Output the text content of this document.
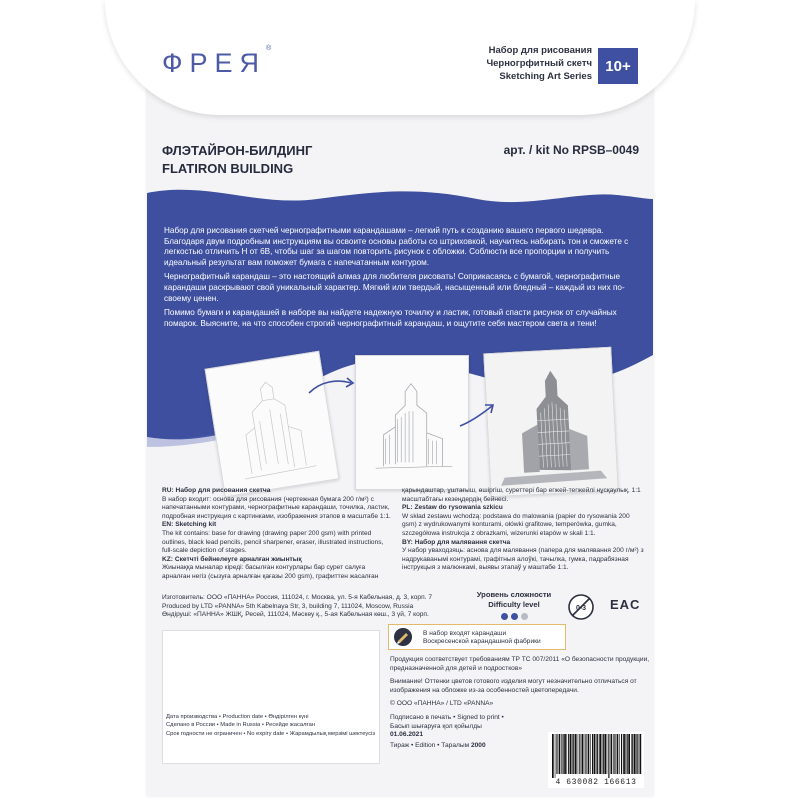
ФРЕЯ®	Набор для рисования
Черногрфитный скетч
Sketching Art Series
10+
ФЛЭТАЙРОН-БИЛДИНГ
FLATIRON BUILDING
арт. / kit No RPSB–0049

Набор для рисования скетчей чернографитными карандашами – легкий путь к созданию вашего первого шедевра. Благодаря двум подробным инструкциям вы освоите основы работы со штриховкой, научитесь набирать тон и сможете с легкостью отличить H от 6B, чтобы шаг за шагом повторить рисунок с обложки. Соблюсти все пропорции и получить идеальный результат вам поможет бумага с напечатанным контуром.

Чернографитный карандаш – это настоящий алмаз для любителя рисовать! Соприкасаясь с бумагой, чернографитные карандаши раскрывают свой уникальный характер. Мягкий или твердый, насыщенный или бледный – каждый из них по-своему ценен.

Помимо бумаги и карандашей в наборе вы найдете надежную точилку и ластик, готовый спасти рисунок от случайных помарок. Выясните, на что способен строгий чернографитный карандаш, и ощутите себя мастером света и тени!

RU: Набор для рисования скетча
В набор входит: основа для рисования (чертежная бумага 200 г/м²) с напечатанными контурами, чернографитные карандаши, точилка, ластик, подробная инструкция с картинками, изображения этапов в масштабе 1:1.
EN: Sketching kit
The kit contains: base for drawing (drawing paper 200 gsm) with printed outlines, black lead pencils, pencil sharpener, eraser, illustrated instructions, full-scale depiction of stages.
KZ: Скетчті бейнелеуге арналған жиынтық
Жиынаққа мыналар кіреді: басылған контурлары бар сурет салуға арналған негіз (сызуға арналған қағазы 200 gsm), графиттен жасалған
қарындаштар, ұштағыш, өшіргіш, суреттері бар егжей-тегжейлі нұсқаулық, 1:1 масштабтағы кезеңдердің бейнесі.
PL: Zestaw do rysowania szkicu
W skład zestawu wchodzą: podstawa do malowania (papier do rysowania 200 gsm) z wydrukowanymi konturami, ołówki grafitowe, temperówka, gumka, szczegółowa instrukcja z obrazkami, wizerunki etapów w skali 1:1.
BY: Набор для малявання скетча
У набор уваходзяць: аснова для малявання (папера для малявання 200 г/м²) з надрукаванымі контурамі, графітныя алоўкі, тачылка, гумка, падрабязная інструкцыя з малюнкамі, выявы этапаў у маштабе 1:1.
Изготовитель: ООО «ПАННА» Россия, 111024, г. Москва, ул. 5-я Кабельная, д. 3, корп. 7
Produced by LTD «PANNA» 5th Kabelnaya Str, 3, building 7, 111024, Moscow, Russia
Өндіруші: «ПАННА» ЖШҚ, Ресей, 111024, Мәскеу қ., 5-ая Кабельная көш., 3 үй, 7 корп.
Уровень сложности
Difficulty level	0-3 EAC
Дата производства • Production date • Өндірілген күні
Сделано в России • Made in Russia • Ресейде жасалған
Срок годности не ограничен • No expiry date • Жарамдылық мерзімі шектеусіз
В набор входят карандаши
Воскресенской карандашной фабрики

Продукция соответствует требованиям ТР ТС 007/2011 «О безопасности продукции, предназначенной для детей и подростков»

Внимание! Оттенки цветов готового изделия могут незначительно отличаться от изображения на обложке из-за особенностей цветопередачи.

© ООО «ПАННА» / LTD «PANNA»

Подписано в печать • Signed to print •
Басып шығаруға қол қойылды
01.06.2021
Тираж • Edition • Таралым 2000
4 630082 166613
